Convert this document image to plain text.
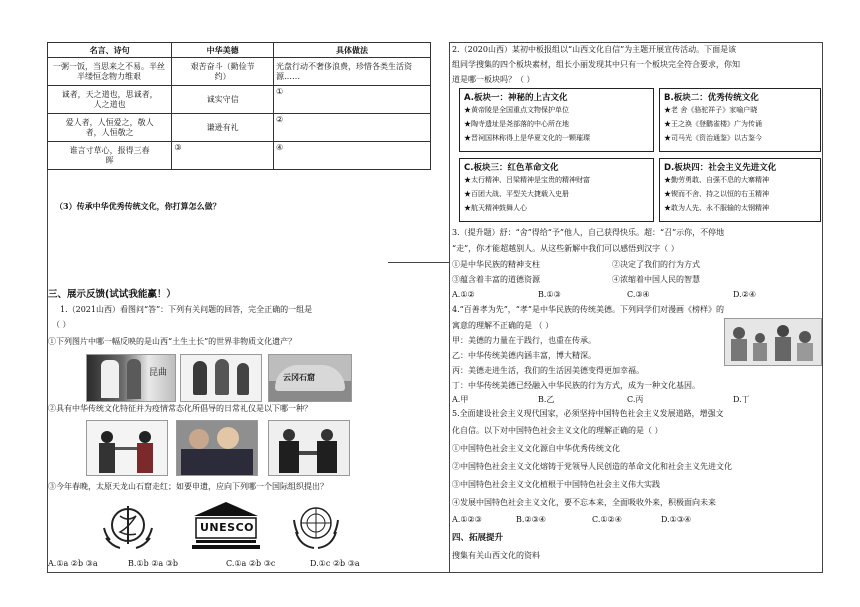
名言、诗句	中华美德	具体做法

一粥一饭，当思来之不易。半丝半缕恒念物力维艰	艰苦奋斗（勤俭节约）	光盘行动不奢侈浪费，珍惜各类生活资源……

诚者，天之道也，思诚者，人之道也	诚实守信	①

爱人者，人恒爱之，敬人者，人恒敬之	谦逊有礼	②

谁言寸草心，报得三春晖	③	④
（3）传承中华优秀传统文化，你打算怎么做？
三、展示反馈(试试我能赢！）
1.（2021山西）看图问“答”：下列有关问题的回答，完全正确的一组是
（ ）
①下列图片中哪一幅反映的是山西“土生土长”的世界非物质文化遗产？
昆曲	云冈石窟
②具有中华传统文化特征并为疫情常态化所倡导的日常礼仪是以下哪一种？
③今年春晚，太原天龙山石窟走红；如要申遗，应向下列哪一个国际组织提出？
UNESCO
A.①a ②b ③a	B.①b ②a ③b	C.①a ②b ③c	D.①c ②b ③a
2.（2020山西）某初中板报组以“山西文化自信”为主题开展宣传活动。下面是该
组同学搜集的四个板块素材，组长小丽发现其中只有一个板块完全符合要求，你知
道是哪一板块吗？（ ）
A.板块一：神秘的上古文化
★黄帝陵是全国重点文物保护单位
★陶寺遗址是尧部落的中心所在地
★晋祠国林称得上是华夏文化的一颗璀璨
B.板块二：优秀传统文化
★老 舍《骆驼祥子》家喻户晓
★王之涣《登鹳雀楼》广为传诵
★司马光《资治通鉴》以古鉴今
C.板块三：红色革命文化
★太行精神、吕梁精神是宝贵的精神财富
★百团大战、平型关大捷载入史册
★航天精神鼓舞人心
D.板块四：社会主义先进文化
★勤劳勇敢、自强不息的大寨精神
★锲而不舍、持之以恒的右玉精神
★敢为人先、永不服输的太钢精神
3.（提升题）舒：“舍”得给“予”他人，自己获得快乐。超：“召”示你，不停地
“走”，你才能超越别人。从这些新解中我们可以感悟到汉字（ ）
①是中华民族的精神支柱	②决定了我们的行为方式
③蕴含着丰富的道德资源	④浓缩着中国人民的智慧
A.①②	B.①③	C.③④	D.②④
4.“百善孝为先”，“孝”是中华民族的传统美德。下列同学们对漫画《榜样》的
寓意的理解不正确的是 （ ）
甲：美德的力量在于践行，也重在传承。
乙：中华传统美德内涵丰富，博大精深。
丙：美德走进生活，我们的生活因美德变得更加幸福。
丁：中华传统美德已经融入中华民族的行为方式，成为一种文化基因。
A.甲	B.乙	C.丙	D.丁
5.全面建设社会主义现代国家，必须坚持中国特色社会主义发展道路，增强文
化自信。以下对中国特色社会主义文化的理解正确的是（ ）
①中国特色社会主义文化源自中华优秀传统文化
②中国特色社会主义文化熔铸于党领导人民创造的革命文化和社会主义先进文化
③中国特色社会主义文化植根于中国特色社会主义伟大实践
④发展中国特色社会主义文化，要不忘本来，全面吸收外来，积极面向未来
A.①②③	B.②③④	C.①②④	D.①③④
四、拓展提升
搜集有关山西文化的资料
